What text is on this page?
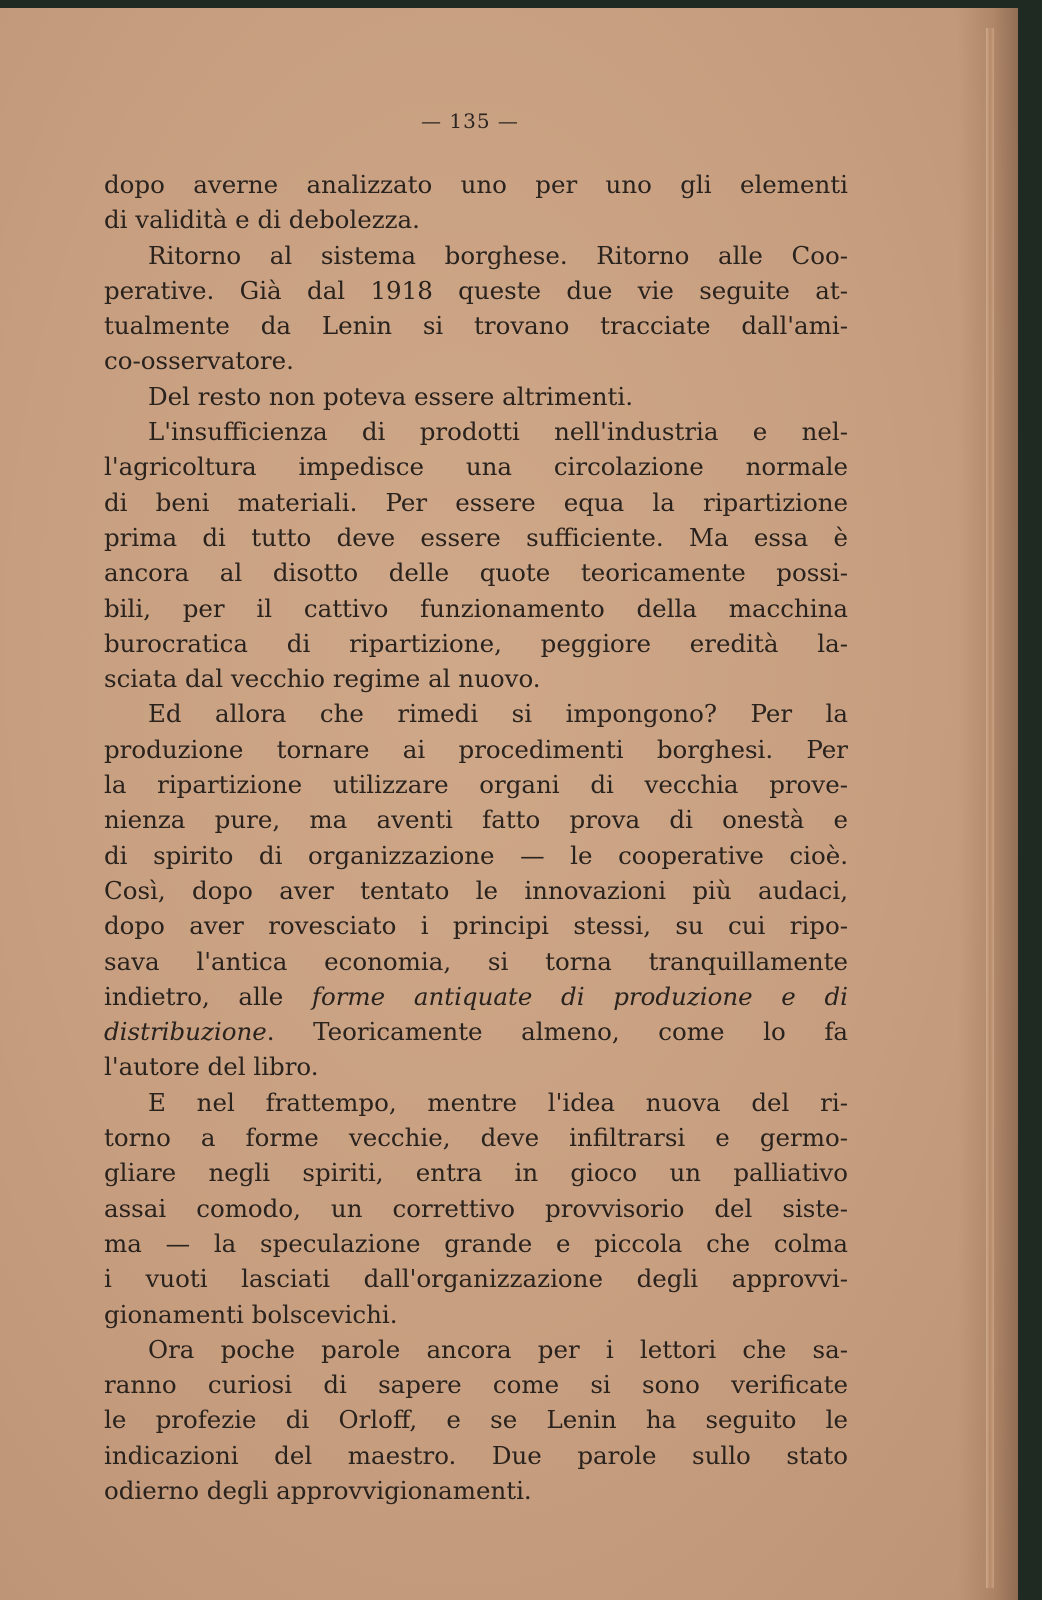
— 135 —
dopo averne analizzato uno per uno gli elementi
di validità e di debolezza.
Ritorno al sistema borghese. Ritorno alle Coo-
perative. Già dal 1918 queste due vie seguite at-
tualmente da Lenin si trovano tracciate dall'ami-
co-osservatore.
Del resto non poteva essere altrimenti.
L'insufficienza di prodotti nell'industria e nel-
l'agricoltura impedisce una circolazione normale
di beni materiali. Per essere equa la ripartizione
prima di tutto deve essere sufficiente. Ma essa è
ancora al disotto delle quote teoricamente possi-
bili, per il cattivo funzionamento della macchina
burocratica di ripartizione, peggiore eredità la-
sciata dal vecchio regime al nuovo.
Ed allora che rimedi si impongono? Per la
produzione tornare ai procedimenti borghesi. Per
la ripartizione utilizzare organi di vecchia prove-
nienza pure, ma aventi fatto prova di onestà e
di spirito di organizzazione — le cooperative cioè.
Così, dopo aver tentato le innovazioni più audaci,
dopo aver rovesciato i principi stessi, su cui ripo-
sava l'antica economia, si torna tranquillamente
indietro, alle forme antiquate di produzione e di
distribuzione. Teoricamente almeno, come lo fa
l'autore del libro.
E nel frattempo, mentre l'idea nuova del ri-
torno a forme vecchie, deve infiltrarsi e germo-
gliare negli spiriti, entra in gioco un palliativo
assai comodo, un correttivo provvisorio del siste-
ma — la speculazione grande e piccola che colma
i vuoti lasciati dall'organizzazione degli approvvi-
gionamenti bolscevichi.
Ora poche parole ancora per i lettori che sa-
ranno curiosi di sapere come si sono verificate
le profezie di Orloff, e se Lenin ha seguito le
indicazioni del maestro. Due parole sullo stato
odierno degli approvvigionamenti.
